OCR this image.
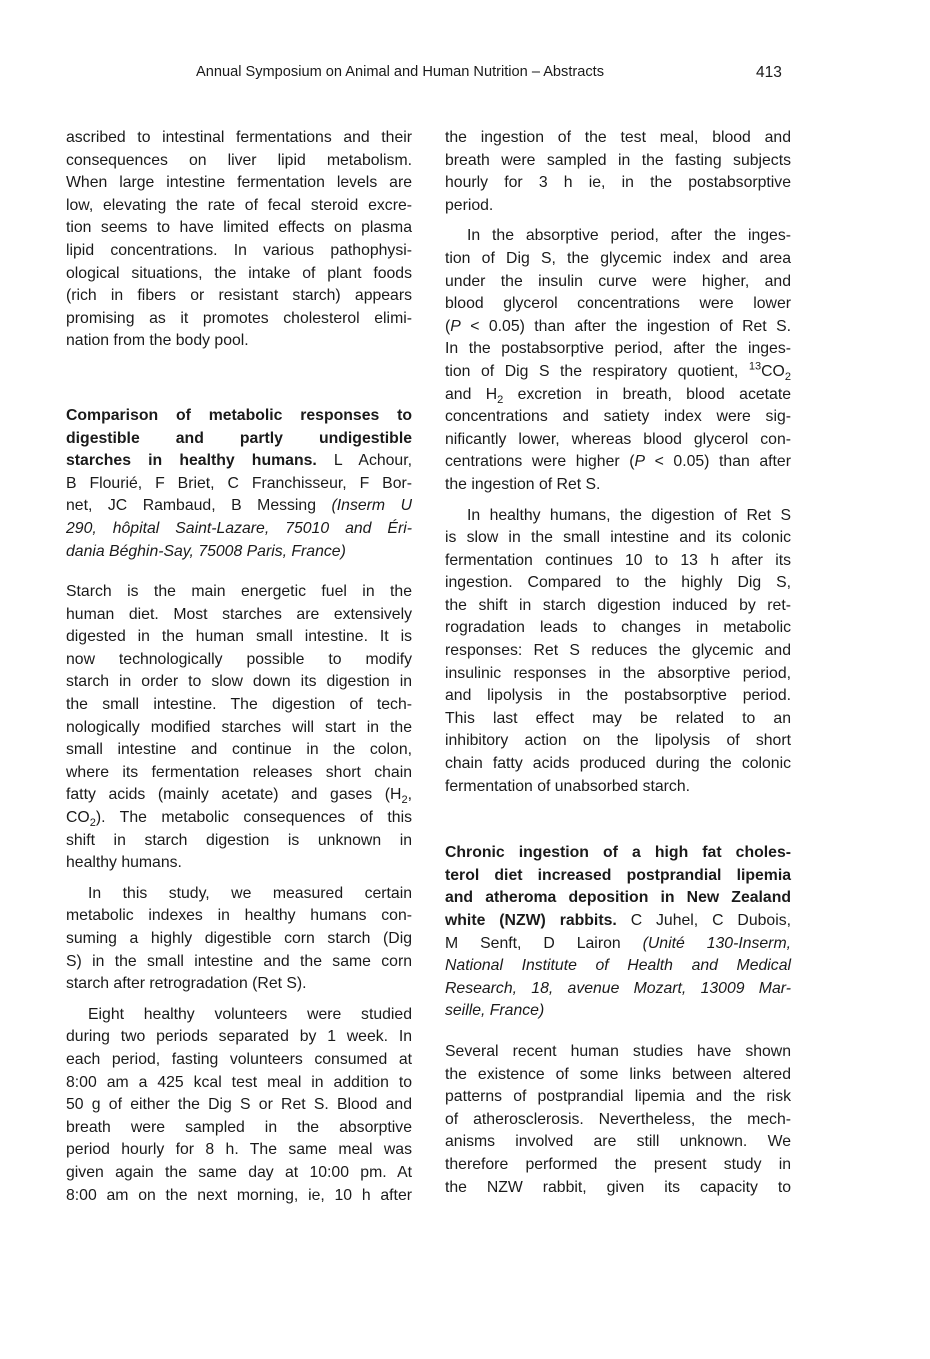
Annual Symposium on Animal and Human Nutrition – Abstracts	413
ascribed to intestinal fermentations and their
consequences on liver lipid metabolism.
When large intestine fermentation levels are
low, elevating the rate of fecal steroid excre-
tion seems to have limited effects on plasma
lipid concentrations. In various pathophysi-
ological situations, the intake of plant foods
(rich in fibers or resistant starch) appears
promising as it promotes cholesterol elimi-
nation from the body pool.
Comparison of metabolic responses to
digestible and partly undigestible
starches in healthy humans. L Achour,
B Flourié, F Briet, C Franchisseur, F Bor-
net, JC Rambaud, B Messing (Inserm U
290, hôpital Saint-Lazare, 75010 and Éri-
dania Béghin-Say, 75008 Paris, France)
Starch is the main energetic fuel in the
human diet. Most starches are extensively
digested in the human small intestine. It is
now technologically possible to modify
starch in order to slow down its digestion in
the small intestine. The digestion of tech-
nologically modified starches will start in the
small intestine and continue in the colon,
where its fermentation releases short chain
fatty acids (mainly acetate) and gases ($H_2$,
$CO_2$). The metabolic consequences of this
shift in starch digestion is unknown in
healthy humans.
In this study, we measured certain
metabolic indexes in healthy humans con-
suming a highly digestible corn starch (Dig
S) in the small intestine and the same corn
starch after retrogradation (Ret S).
Eight healthy volunteers were studied
during two periods separated by 1 week. In
each period, fasting volunteers consumed at
8:00 am a 425 kcal test meal in addition to
50 g of either the Dig S or Ret S. Blood and
breath were sampled in the absorptive
period hourly for 8 h. The same meal was
given again the same day at 10:00 pm. At
8:00 am on the next morning, ie, 10 h after
the ingestion of the test meal, blood and
breath were sampled in the fasting subjects
hourly for 3 h ie, in the postabsorptive
period.
In the absorptive period, after the inges-
tion of Dig S, the glycemic index and area
under the insulin curve were higher, and
blood glycerol concentrations were lower
(P < 0.05) than after the ingestion of Ret S.
In the postabsorptive period, after the inges-
tion of Dig S the respiratory quotient, $^{13}CO_2$
and $H_2$ excretion in breath, blood acetate
concentrations and satiety index were sig-
nificantly lower, whereas blood glycerol con-
centrations were higher (P < 0.05) than after
the ingestion of Ret S.
In healthy humans, the digestion of Ret S
is slow in the small intestine and its colonic
fermentation continues 10 to 13 h after its
ingestion. Compared to the highly Dig S,
the shift in starch digestion induced by ret-
rogradation leads to changes in metabolic
responses: Ret S reduces the glycemic and
insulinic responses in the absorptive period,
and lipolysis in the postabsorptive period.
This last effect may be related to an
inhibitory action on the lipolysis of short
chain fatty acids produced during the colonic
fermentation of unabsorbed starch.
Chronic ingestion of a high fat choles-
terol diet increased postprandial lipemia
and atheroma deposition in New Zealand
white (NZW) rabbits. C Juhel, C Dubois,
M Senft, D Lairon (Unité 130-Inserm,
National Institute of Health and Medical
Research, 18, avenue Mozart, 13009 Mar-
seille, France)
Several recent human studies have shown
the existence of some links between altered
patterns of postprandial lipemia and the risk
of atherosclerosis. Nevertheless, the mech-
anisms involved are still unknown. We
therefore performed the present study in
the NZW rabbit, given its capacity to
